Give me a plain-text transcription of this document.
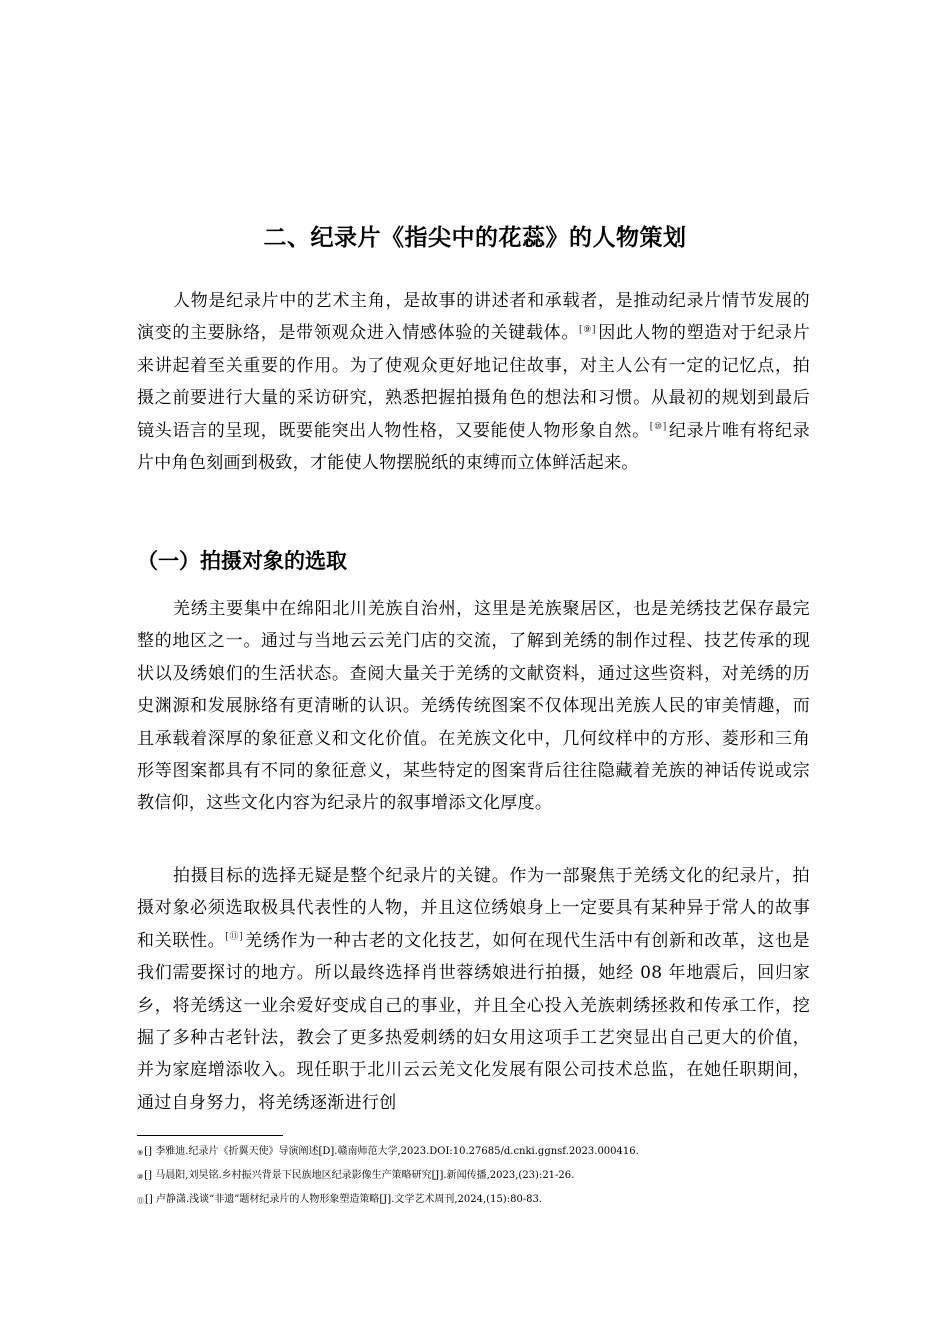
二、纪录片《指尖中的花蕊》的人物策划

人物是纪录片中的艺术主角，是故事的讲述者和承载者，是推动纪录片情节发展的演变的主要脉络，是带领观众进入情感体验的关键载体。[⑨] 因此人物的塑造对于纪录片来讲起着至关重要的作用。为了使观众更好地记住故事，对主人公有一定的记忆点，拍摄之前要进行大量的采访研究，熟悉把握拍摄角色的想法和习惯。从最初的规划到最后镜头语言的呈现，既要能突出人物性格，又要能使人物形象自然。[⑩] 纪录片唯有将纪录片中角色刻画到极致，才能使人物摆脱纸的束缚而立体鲜活起来。

（一）拍摄对象的选取

羌绣主要集中在绵阳北川羌族自治州，这里是羌族聚居区，也是羌绣技艺保存最完整的地区之一。通过与当地云云羌门店的交流，了解到羌绣的制作过程、技艺传承的现状以及绣娘们的生活状态。查阅大量关于羌绣的文献资料，通过这些资料，对羌绣的历史渊源和发展脉络有更清晰的认识。羌绣传统图案不仅体现出羌族人民的审美情趣，而且承载着深厚的象征意义和文化价值。在羌族文化中，几何纹样中的方形、菱形和三角形等图案都具有不同的象征意义，某些特定的图案背后往往隐藏着羌族的神话传说或宗教信仰，这些文化内容为纪录片的叙事增添文化厚度。

拍摄目标的选择无疑是整个纪录片的关键。作为一部聚焦于羌绣文化的纪录片，拍摄对象必须选取极具代表性的人物，并且这位绣娘身上一定要具有某种异于常人的故事和关联性。[⑪] 羌绣作为一种古老的文化技艺，如何在现代生活中有创新和改革，这也是我们需要探讨的地方。所以最终选择肖世蓉绣娘进行拍摄，她经 08 年地震后，回归家乡，将羌绣这一业余爱好变成自己的事业，并且全心投入羌族刺绣拯救和传承工作，挖掘了多种古老针法，教会了更多热爱刺绣的妇女用这项手工艺突显出自己更大的价值，并为家庭增添收入。现任职于北川云云羌文化发展有限公司技术总监，在她任职期间，通过自身努力，将羌绣逐渐进行创

⑨[] 李雅迪.纪录片《折翼天使》导演阐述[D].赣南师范大学,2023.DOI:10.27685/d.cnki.ggnsf.2023.000416.

⑩[] 马晨阳,刘昊铭.乡村振兴背景下民族地区纪录影像生产策略研究[J].新闻传播,2023,(23):21-26.

⑪[] 卢静潇.浅谈“非遗”题材纪录片的人物形象塑造策略[J].文学艺术周刊,2024,(15):80-83.
